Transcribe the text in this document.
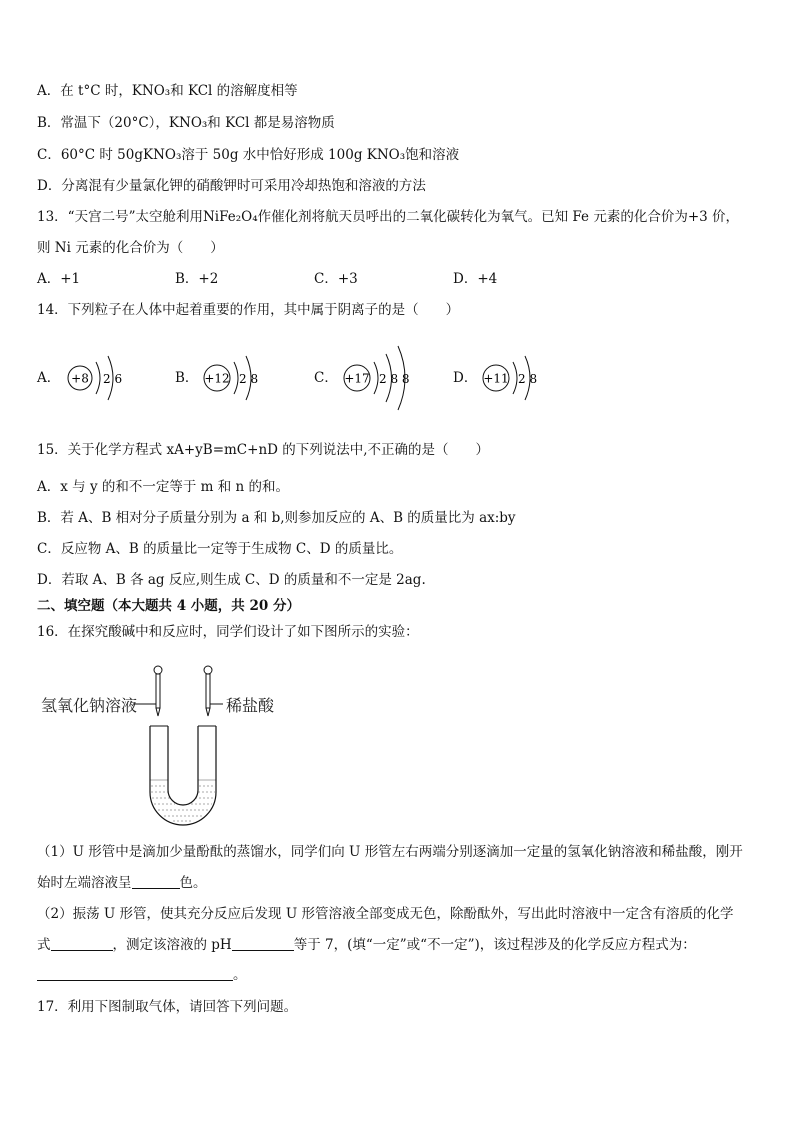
A．在 t°C 时，KNO₃和 KCl 的溶解度相等
B．常温下（20°C），KNO₃和 KCl 都是易溶物质
C．60°C 时 50gKNO₃溶于 50g 水中恰好形成 100g KNO₃饱和溶液
D．分离混有少量氯化钾的硝酸钾时可采用冷却热饱和溶液的方法
13．“天宫二号”太空舱利用NiFe₂O₄作催化剂将航天员呼出的二氧化碳转化为氧气。已知 Fe 元素的化合价为+3 价，
则 Ni 元素的化合价为（　　）
A．+1	B．+2	C．+3	D．+4
14．下列粒子在人体中起着重要的作用，其中属于阴离子的是（　　）
A． +8 2 6	B． +12 2 8	C． +17 2 8 8	D． +11 2 8
15．关于化学方程式 xA+yB=mC+nD 的下列说法中,不正确的是（　　）
A．x 与 y 的和不一定等于 m 和 n 的和。
B．若 A、B 相对分子质量分别为 a 和 b,则参加反应的 A、B 的质量比为 ax:by
C．反应物 A、B 的质量比一定等于生成物 C、D 的质量比。
D．若取 A、B 各 ag 反应,则生成 C、D 的质量和不一定是 2ag.
二、填空题（本大题共 4 小题，共 20 分）
16．在探究酸碱中和反应时，同学们设计了如下图所示的实验：
氢氧化钠溶液	稀盐酸
（1）U 形管中是滴加少量酚酞的蒸馏水，同学们向 U 形管左右两端分别逐滴加一定量的氢氧化钠溶液和稀盐酸，刚开
始时左端溶液呈	色。
（2）振荡 U 形管，使其充分反应后发现 U 形管溶液全部变成无色，除酚酞外，写出此时溶液中一定含有溶质的化学
式	，测定该溶液的 pH	等于 7，(填“一定”或“不一定”)，该过程涉及的化学反应方程式为：
。
17．利用下图制取气体，请回答下列问题。
